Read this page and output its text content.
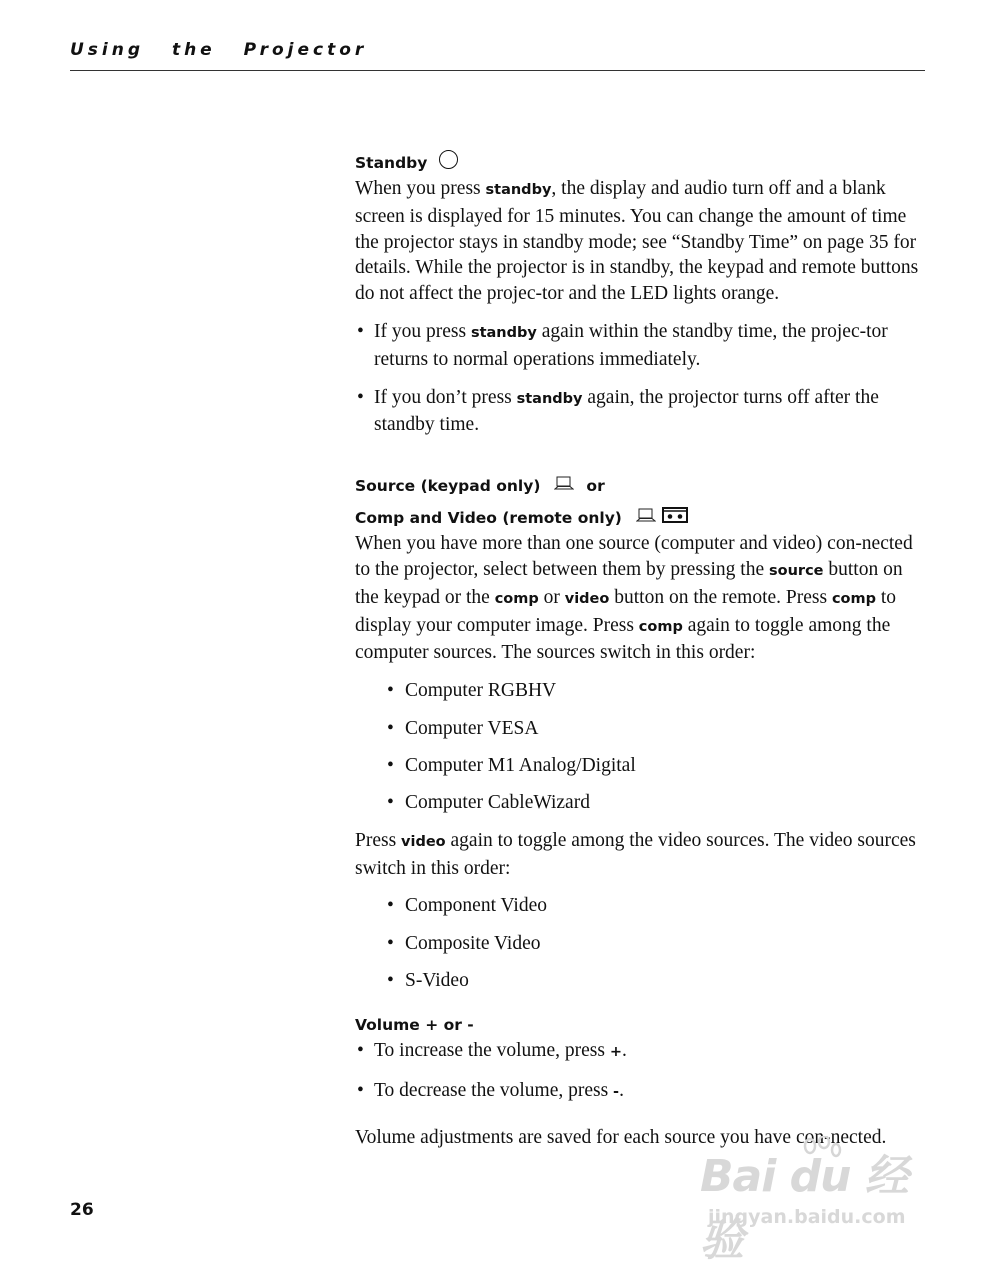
Using the Projector
Standby

When you press standby, the display and audio turn off and a blank screen is displayed for 15 minutes. You can change the amount of time the projector stays in standby mode; see “Standby Time” on page 35 for details. While the projector is in standby, the keypad and remote buttons do not affect the projec-tor and the LED lights orange.

• If you press standby again within the standby time, the projec-tor returns to normal operations immediately.
• If you don’t press standby again, the projector turns off after the standby time.
Source (keypad only)	or
Comp and Video (remote only)

When you have more than one source (computer and video) con-nected to the projector, select between them by pressing the source button on the keypad or the comp or video button on the remote. Press comp to display your computer image. Press comp again to toggle among the computer sources. The sources switch in this order:

• Computer RGBHV
• Computer VESA
• Computer M1 Analog/Digital
• Computer CableWizard

Press video again to toggle among the video sources. The video sources switch in this order:

• Component Video
• Composite Video
• S-Video
Volume + or -
• To increase the volume, press +.
• To decrease the volume, press -.

Volume adjustments are saved for each source you have con-nected.

26
Bai du 经验
jingyan.baidu.com
